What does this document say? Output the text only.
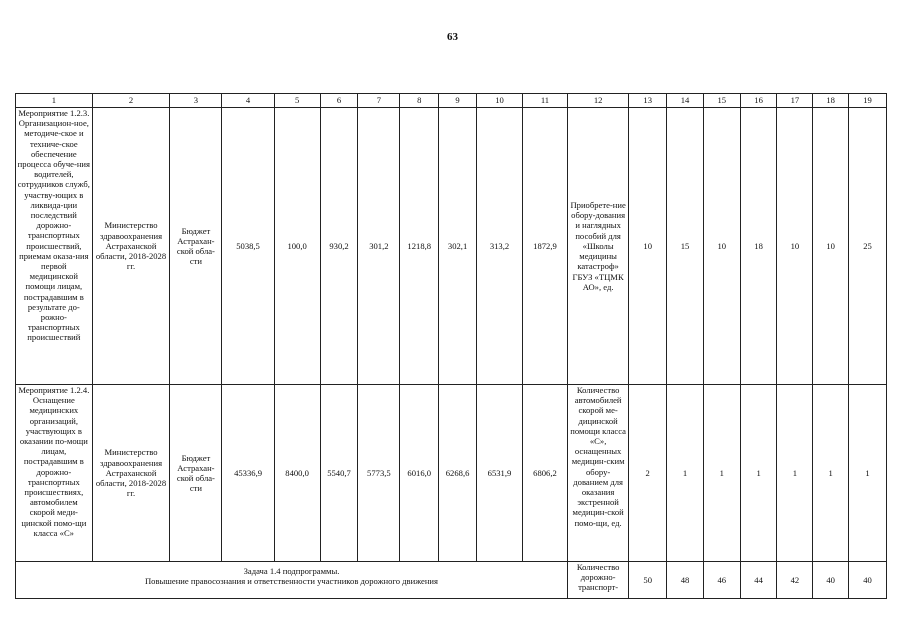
63
1	2	3	4	5	6	7	8	9	10	11	12	13	14	15	16	17	18	19
Мероприятие 1.2.3. Организацион-ное, методиче-ское и техниче-ское обеспечение процесса обуче-ния водителей, сотрудников служб, участву-ющих в ликвида-ции последствий дорожно-транспортных происшествий, приемам оказа-ния первой медицинской помощи лицам, пострадавшим в результате до-рожно-транспортных происшествий	Министерство здравоохранения Астраханской области, 2018-2028 гг.	Бюджет Астрахан-ской обла-сти	5038,5	100,0	930,2	301,2	1218,8	302,1	313,2	1872,9	Приобрете-ние обору-дования и наглядных пособий для «Школы медицины катастроф» ГБУЗ «ТЦМК АО», ед.	10	15	10	18	10	10	25
Мероприятие 1.2.4. Оснащение медицинских организаций, участвующих в оказании по-мощи лицам, пострадавшим в дорожно-транспортных происшествиях, автомобилем скорой меди-цинской помо-щи класса «С»	Министерство здравоохранения Астраханской области, 2018-2028 гг.	Бюджет Астрахан-ской обла-сти	45336,9	8400,0	5540,7	5773,5	6016,0	6268,6	6531,9	6806,2	Количество автомобилей скорой ме-дицинской помощи класса «С», оснащенных медицин-ским обору-дованием для оказания экстренной медицин-ской помо-щи, ед.	2	1	1	1	1	1	1

Задача 1.4 подпрограммы.
Повышение правосознания и ответственности участников дорожного движения											Количество дорожно-транспорт-	50	48	46	44	42	40	40
